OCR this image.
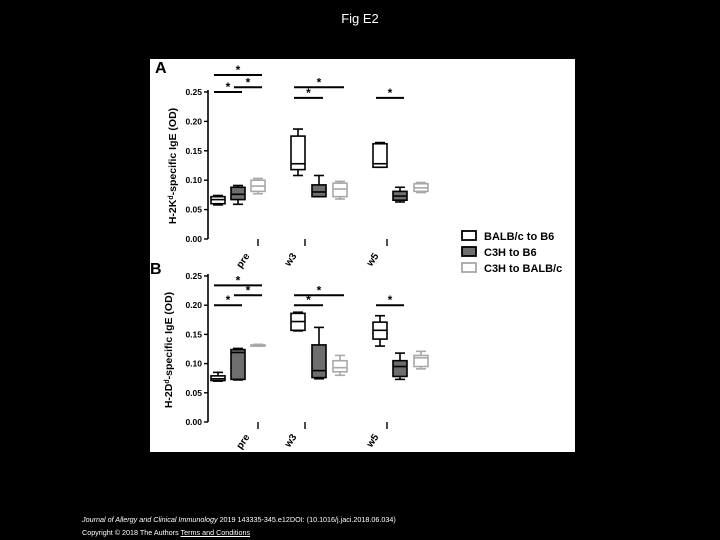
Fig E2
A
$H-2K^d$-specific IgE (OD)
0.00
0.05
0.10
0.15
0.20
0.25
pre	w3	w5
*
*
*
*
*
*
B
$H-2D^d$-specific IgE (OD)
0.00
0.05
0.10
0.15
0.20
0.25
pre	w3	w5
*
*
*
*
*
*
BALB/c to B6
C3H to B6
C3H to BALB/c
Journal of Allergy and Clinical Immunology 2019 143335-345.e12DOI: (10.1016/j.jaci.2018.06.034)
Copyright © 2018 The Authors Terms and Conditions
